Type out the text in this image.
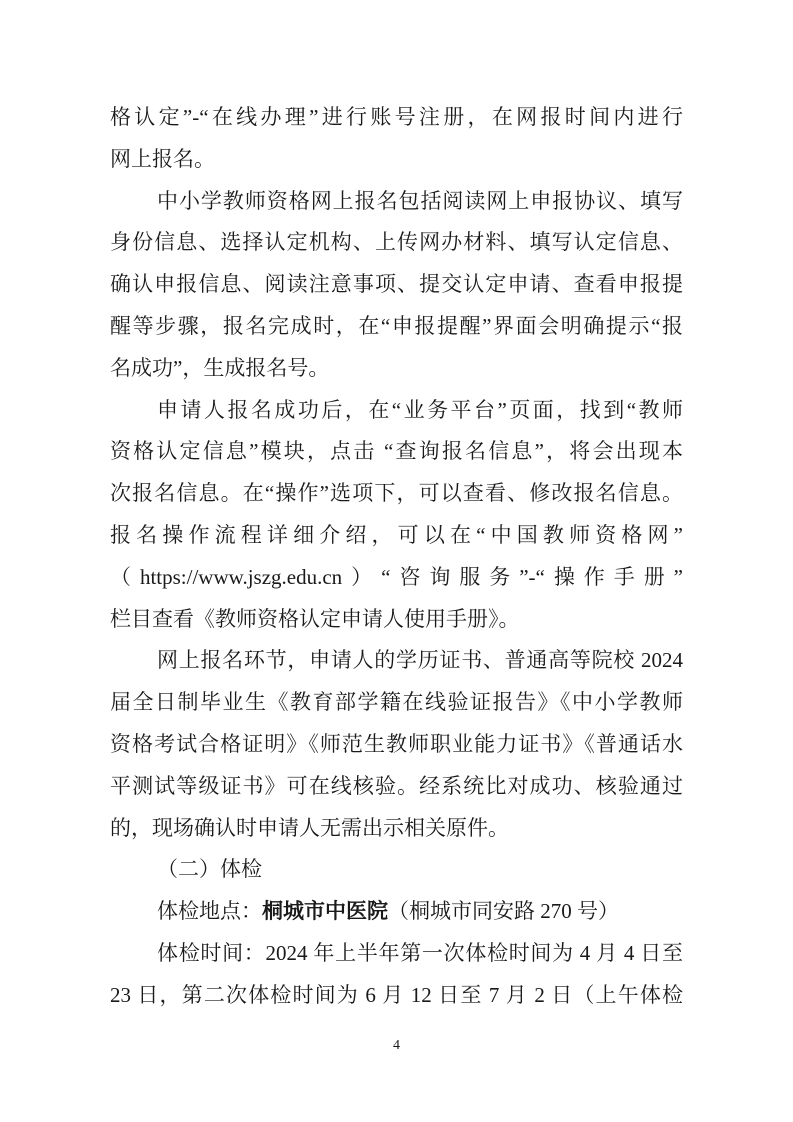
格认定”-“在线办理”进行账号注册，在网报时间内进行
网上报名。
中小学教师资格网上报名包括阅读网上申报协议、填写
身份信息、选择认定机构、上传网办材料、填写认定信息、
确认申报信息、阅读注意事项、提交认定申请、查看申报提
醒等步骤，报名完成时，在“申报提醒”界面会明确提示“报
名成功”，生成报名号。
申请人报名成功后，在“业务平台”页面，找到“教师
资格认定信息”模块，点击 “查询报名信息”，将会出现本
次报名信息。在“操作”选项下，可以查看、修改报名信息。
报名操作流程详细介绍，可以在“中国教师资格网”
（https://www.jszg.edu.cn）“咨询服务”-“操作手册”
栏目查看《教师资格认定申请人使用手册》。
网上报名环节，申请人的学历证书、普通高等院校 2024
届全日制毕业生《教育部学籍在线验证报告》《中小学教师
资格考试合格证明》《师范生教师职业能力证书》《普通话水
平测试等级证书》可在线核验。经系统比对成功、核验通过
的，现场确认时申请人无需出示相关原件。
（二）体检
体检地点：桐城市中医院（桐城市同安路 270 号）
体检时间：2024 年上半年第一次体检时间为 4 月 4 日至
23 日，第二次体检时间为 6 月 12 日至 7 月 2 日（上午体检
4
